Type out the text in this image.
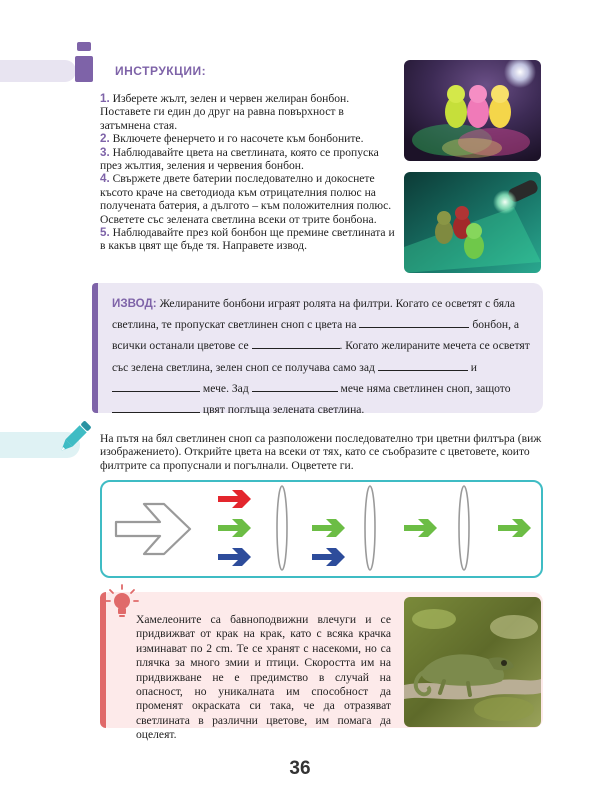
ИНСТРУКЦИИ:

1. Изберете жълт, зелен и червен желиран бонбон. Поставете ги един до друг на равна повърхност в затъмнена стая.

2. Включете фенерчето и го насочете към бонбоните.

3. Наблюдавайте цвета на светлината, която се пропуска през жълтия, зеления и червения бонбон.

4. Свържете двете батерии последователно и докоснете късото краче на светодиода към отрицателния полюс на получената батерия, а дългото – към положителния полюс. Осветете със зелената светлина всеки от трите бонбона.

5. Наблюдавайте през кой бонбон ще премине светлината и в какъв цвят ще бъде тя. Направете извод.

ИЗВОД: Желираните бонбони играят ролята на филтри. Когато се осветят с бяла светлина, те пропускат светлинен сноп с цвета на	бонбон, а всички останали цветове се	. Когато желираните мечета се осветят със зелена светлина, зелен сноп се получава само зад	и  мече. Зад	мече няма светлинен сноп, защото  цвят поглъща зелената светлина.
На пътя на бял светлинен сноп са разположени последователно три цветни филтъра (виж изображението). Открийте цвета на всеки от тях, като се съобразите с цветовете, които филтрите са пропуснали и погълнали. Оцветете ги.
Хамелеоните са бавноподвижни влечуги и се придвижват от крак на крак, като с всяка крачка изминават по 2 cm. Те се хранят с насекоми, но са плячка за много змии и птици. Скоростта им на придвижване не е предимство в случай на опасност, но уникалната им способност да променят окраската си така, че да отразяват светлината в различни цветове, им помага да оцелеят.
36
